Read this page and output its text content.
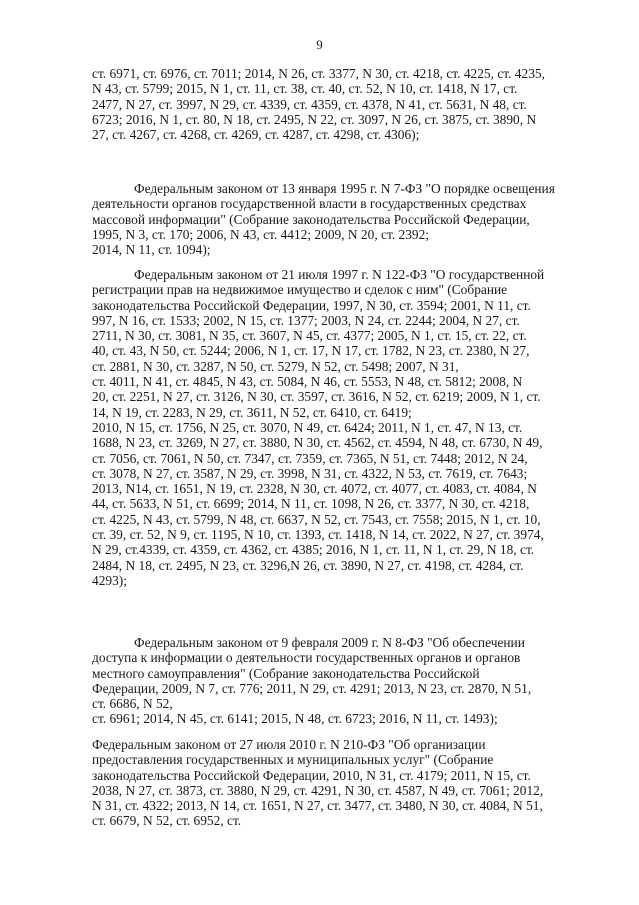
9
ст. 6971, ст. 6976, ст. 7011; 2014, N 26, ст. 3377, N 30, ст. 4218, ст. 4225, ст. 4235,
N 43, ст. 5799; 2015, N 1, ст. 11, ст. 38, ст. 40, ст. 52, N 10, ст. 1418, N 17, ст.
2477, N 27, ст. 3997, N 29, ст. 4339, ст. 4359, ст. 4378, N 41, ст. 5631, N 48, ст.
6723; 2016, N 1, ст. 80, N 18, ст. 2495, N 22, ст. 3097, N 26, ст. 3875, ст. 3890, N
27, ст. 4267, ст. 4268, ст. 4269, ст. 4287, ст. 4298, ст. 4306);
Федеральным законом от 13 января 1995 г. N 7-ФЗ "О порядке освещения
деятельности органов государственной власти в государственных средствах
массовой информации" (Собрание законодательства Российской Федерации,
1995, N 3, ст. 170; 2006, N 43, ст. 4412; 2009, N 20, ст. 2392;
2014, N 11, ст. 1094);
Федеральным законом от 21 июля 1997 г. N 122-ФЗ "О государственной
регистрации прав на недвижимое имущество и сделок с ним" (Собрание
законодательства Российской Федерации, 1997, N 30, ст. 3594; 2001, N 11, ст.
997, N 16, ст. 1533; 2002, N 15, ст. 1377; 2003, N 24, ст. 2244; 2004, N 27, ст.
2711, N 30, ст. 3081, N 35, ст. 3607, N 45, ст. 4377; 2005, N 1, ст. 15, ст. 22, ст.
40, ст. 43, N 50, ст. 5244; 2006, N 1, ст. 17, N 17, ст. 1782, N 23, ст. 2380, N 27,
ст. 2881, N 30, ст. 3287, N 50, ст. 5279, N 52, ст. 5498; 2007, N 31,
ст. 4011, N 41, ст. 4845, N 43, ст. 5084, N 46, ст. 5553, N 48, ст. 5812; 2008, N
20, ст. 2251, N 27, ст. 3126, N 30, ст. 3597, ст. 3616, N 52, ст. 6219; 2009, N 1, ст.
14, N 19, ст. 2283, N 29, ст. 3611, N 52, ст. 6410, ст. 6419;
2010, N 15, ст. 1756, N 25, ст. 3070, N 49, ст. 6424; 2011, N 1, ст. 47, N 13, ст.
1688, N 23, ст. 3269, N 27, ст. 3880, N 30, ст. 4562, ст. 4594, N 48, ст. 6730, N 49,
ст. 7056, ст. 7061, N 50, ст. 7347, ст. 7359, ст. 7365, N 51, ст. 7448; 2012, N 24,
ст. 3078, N 27, ст. 3587, N 29, ст. 3998, N 31, ст. 4322, N 53, ст. 7619, ст. 7643;
2013, N14, ст. 1651, N 19, ст. 2328, N 30, ст. 4072, ст. 4077, ст. 4083, ст. 4084, N
44, ст. 5633, N 51, ст. 6699; 2014, N 11, ст. 1098, N 26, ст. 3377, N 30, ст. 4218,
ст. 4225, N 43, ст. 5799, N 48, ст. 6637, N 52, ст. 7543, ст. 7558; 2015, N 1, ст. 10,
ст. 39, ст. 52, N 9, ст. 1195, N 10, ст. 1393, ст. 1418, N 14, ст. 2022, N 27, ст. 3974,
N 29, ст.4339, ст. 4359, ст. 4362, ст. 4385; 2016, N 1, ст. 11, N 1, ст. 29, N 18, ст.
2484, N 18, ст. 2495, N 23, ст. 3296,N 26, ст. 3890, N 27, ст. 4198, ст. 4284, ст.
4293);
Федеральным законом от 9 февраля 2009 г. N 8-ФЗ "Об обеспечении
доступа к информации о деятельности государственных органов и органов
местного самоуправления" (Собрание законодательства Российской
Федерации, 2009, N 7, ст. 776; 2011, N 29, ст. 4291; 2013, N 23, ст. 2870, N 51,
ст. 6686, N 52,
ст. 6961; 2014, N 45, ст. 6141; 2015, N 48, ст. 6723; 2016, N 11, ст. 1493);
Федеральным законом от 27 июля 2010 г. N 210-ФЗ "Об организации
предоставления государственных и муниципальных услуг" (Собрание
законодательства Российской Федерации, 2010, N 31, ст. 4179; 2011, N 15, ст.
2038, N 27, ст. 3873, ст. 3880, N 29, ст. 4291, N 30, ст. 4587, N 49, ст. 7061; 2012,
N 31, ст. 4322; 2013, N 14, ст. 1651, N 27, ст. 3477, ст. 3480, N 30, ст. 4084, N 51,
ст. 6679, N 52, ст. 6952, ст.
